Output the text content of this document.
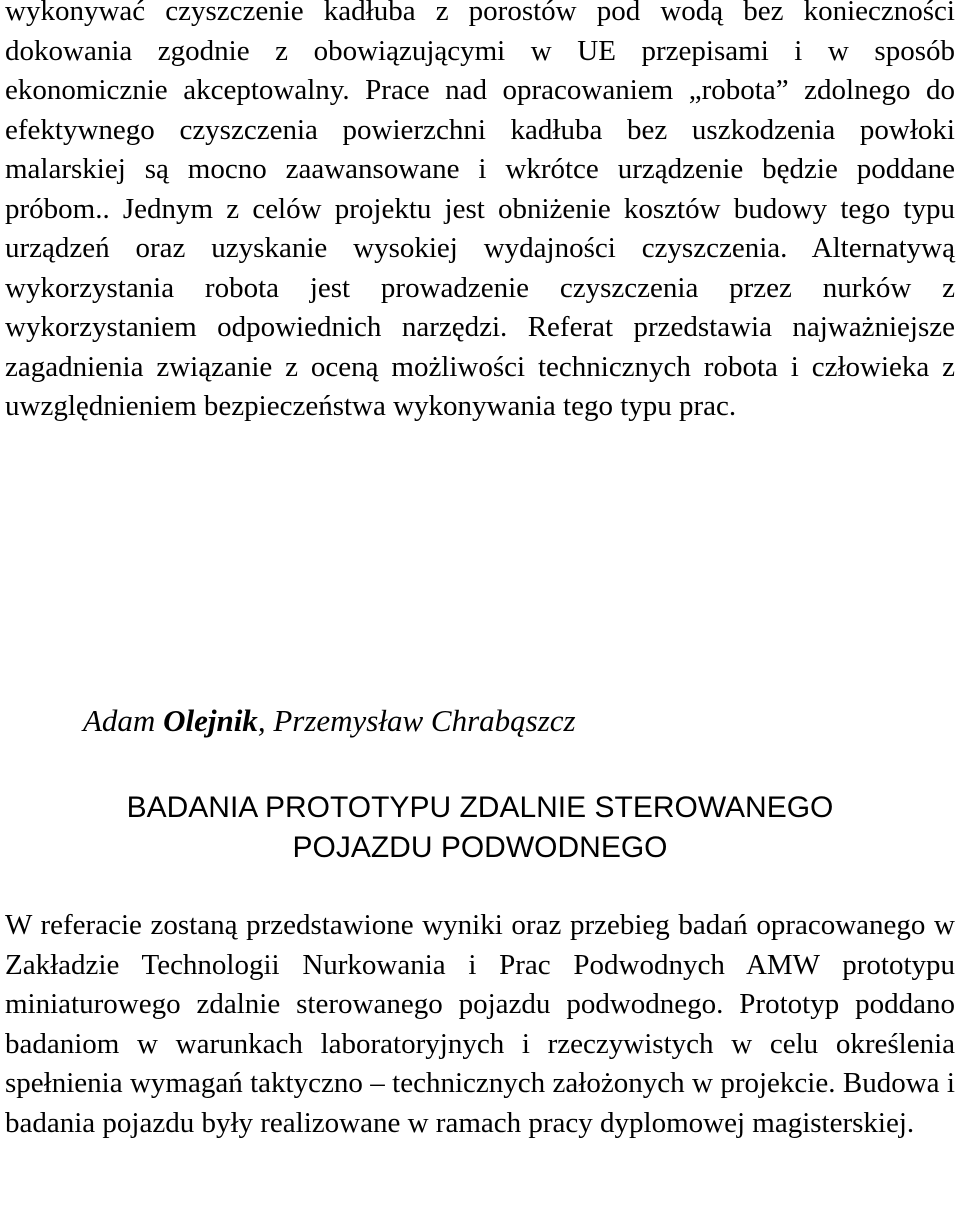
wykonywać czyszczenie kadłuba z porostów pod wodą bez konieczności dokowania zgodnie z obowiązującymi w UE przepisami i w sposób ekonomicznie akceptowalny. Prace nad opracowaniem „robota” zdolnego do efektywnego czyszczenia powierzchni kadłuba bez uszkodzenia powłoki malarskiej są mocno zaawansowane i wkrótce urządzenie będzie poddane próbom.. Jednym z celów projektu jest obniżenie kosztów budowy tego typu urządzeń oraz uzyskanie wysokiej wydajności czyszczenia. Alternatywą wykorzystania robota jest prowadzenie czyszczenia przez nurków z wykorzystaniem odpowiednich narzędzi. Referat przedstawia najważniejsze zagadnienia związanie z oceną możliwości technicznych robota i człowieka z uwzględnieniem bezpieczeństwa wykonywania tego typu prac.

Adam Olejnik, Przemysław Chrabąszcz

BADANIA PROTOTYPU ZDALNIE STEROWANEGO
POJAZDU PODWODNEGO

W referacie zostaną przedstawione wyniki oraz przebieg badań opracowanego w Zakładzie Technologii Nurkowania i Prac Podwodnych AMW prototypu miniaturowego zdalnie sterowanego pojazdu podwodnego. Prototyp poddano badaniom w warunkach laboratoryjnych i rzeczywistych w celu określenia spełnienia wymagań taktyczno – technicznych założonych w projekcie. Budowa i badania pojazdu były realizowane w ramach pracy dyplomowej magisterskiej.
